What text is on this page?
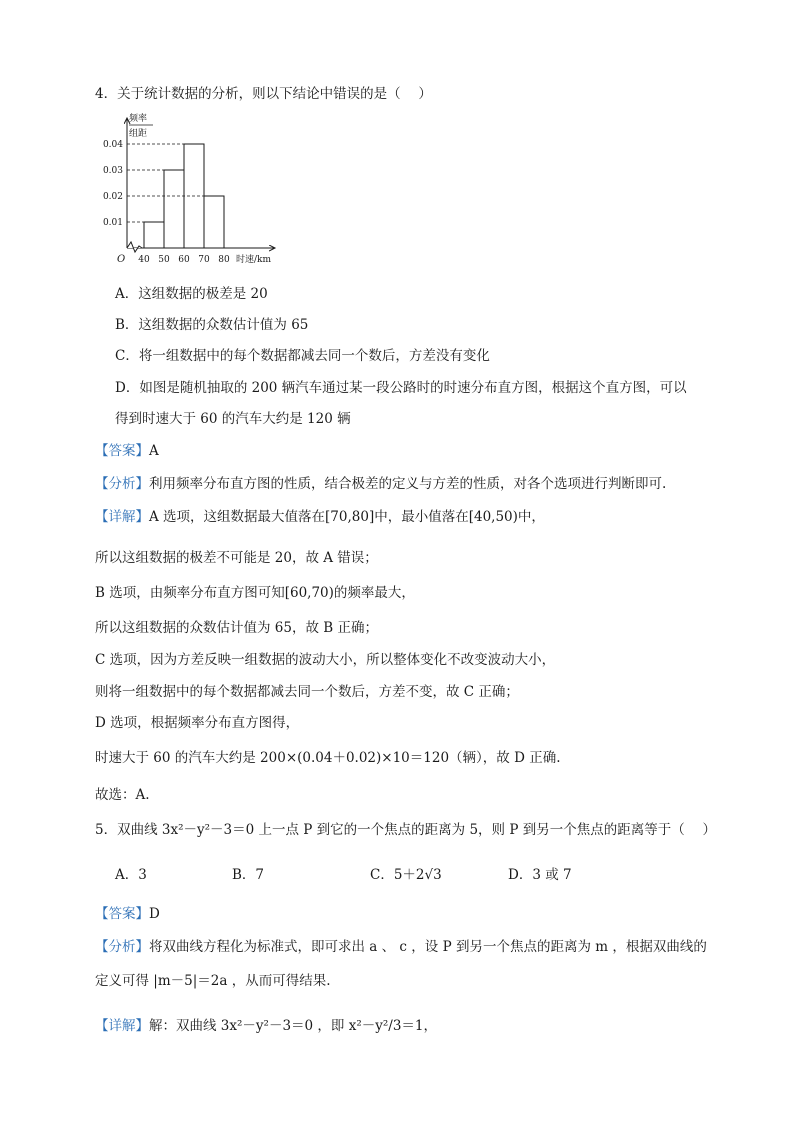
4．关于统计数据的分析，则以下结论中错误的是（　 ）
0.01
0.02
0.03
0.04
40 50 60 70 80
O
频率
组距
时速/km
A．这组数据的极差是 20
B．这组数据的众数估计值为 65
C．将一组数据中的每个数据都减去同一个数后，方差没有变化
D．如图是随机抽取的 200 辆汽车通过某一段公路时的时速分布直方图，根据这个直方图，可以
得到时速大于 60 的汽车大约是 120 辆
【答案】A
【分析】利用频率分布直方图的性质，结合极差的定义与方差的性质，对各个选项进行判断即可.
【详解】A 选项，这组数据最大值落在[70,80]中，最小值落在[40,50)中，
所以这组数据的极差不可能是 20，故 A 错误；
B 选项，由频率分布直方图可知[60,70)的频率最大，
所以这组数据的众数估计值为 65，故 B 正确；
C 选项，因为方差反映一组数据的波动大小，所以整体变化不改变波动大小，
则将一组数据中的每个数据都减去同一个数后，方差不变，故 C 正确；
D 选项，根据频率分布直方图得，
时速大于 60 的汽车大约是 200×(0.04＋0.02)×10＝120（辆），故 D 正确.
故选：A.
5．双曲线 3x²－y²－3＝0 上一点 P 到它的一个焦点的距离为 5，则 P 到另一个焦点的距离等于（　 ）
A．3	B．7	C．5＋2√3	D．3 或 7
【答案】D
【分析】将双曲线方程化为标准式，即可求出 a 、 c ，设 P 到另一个焦点的距离为 m ，根据双曲线的
定义可得 |m－5|＝2a ，从而可得结果.
【详解】解：双曲线 3x²－y²－3＝0 ，即 x²－y²/3＝1，
